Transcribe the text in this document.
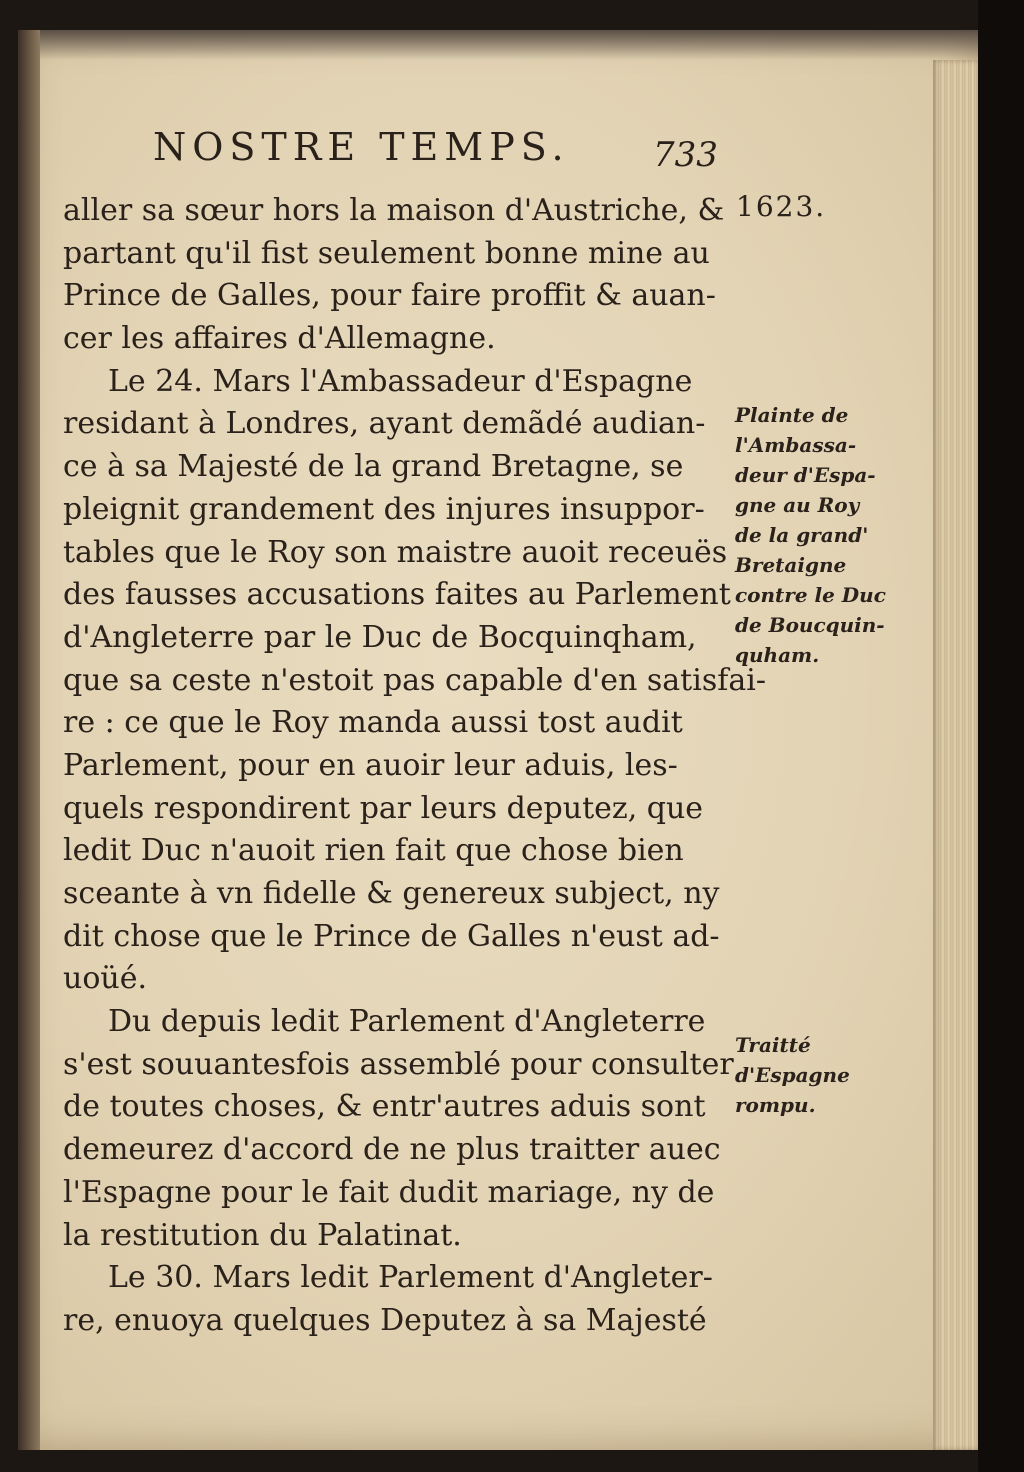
NOSTRE TEMPS. 733
1623.
aller sa sœur hors la maison d'Austriche, &
partant qu'il fist seulement bonne mine au
Prince de Galles, pour faire proffit & auan-
cer les affaires d'Allemagne.
Le 24. Mars l'Ambassadeur d'Espagne
residant à Londres, ayant demãdé audian-
ce à sa Majesté de la grand Bretagne, se
pleignit grandement des injures insuppor-
tables que le Roy son maistre auoit receuës
des fausses accusations faites au Parlement
d'Angleterre par le Duc de Bocquinqham,
que sa ceste n'estoit pas capable d'en satisfai-
re : ce que le Roy manda aussi tost audit
Parlement, pour en auoir leur aduis, les-
quels respondirent par leurs deputez, que
ledit Duc n'auoit rien fait que chose bien
sceante à vn fidelle & genereux subject, ny
dit chose que le Prince de Galles n'eust ad-
uoüé.
Du depuis ledit Parlement d'Angleterre
s'est souuantesfois assemblé pour consulter
de toutes choses, & entr'autres aduis sont
demeurez d'accord de ne plus traitter auec
l'Espagne pour le fait dudit mariage, ny de
la restitution du Palatinat.
Le 30. Mars ledit Parlement d'Angleter-
re, enuoya quelques Deputez à sa Majesté
Plainte de
l'Ambassa-
deur d'Espa-
gne au Roy
de la grand'
Bretaigne
contre le Duc
de Boucquin-
quham.
Traitté
d'Espagne
rompu.
